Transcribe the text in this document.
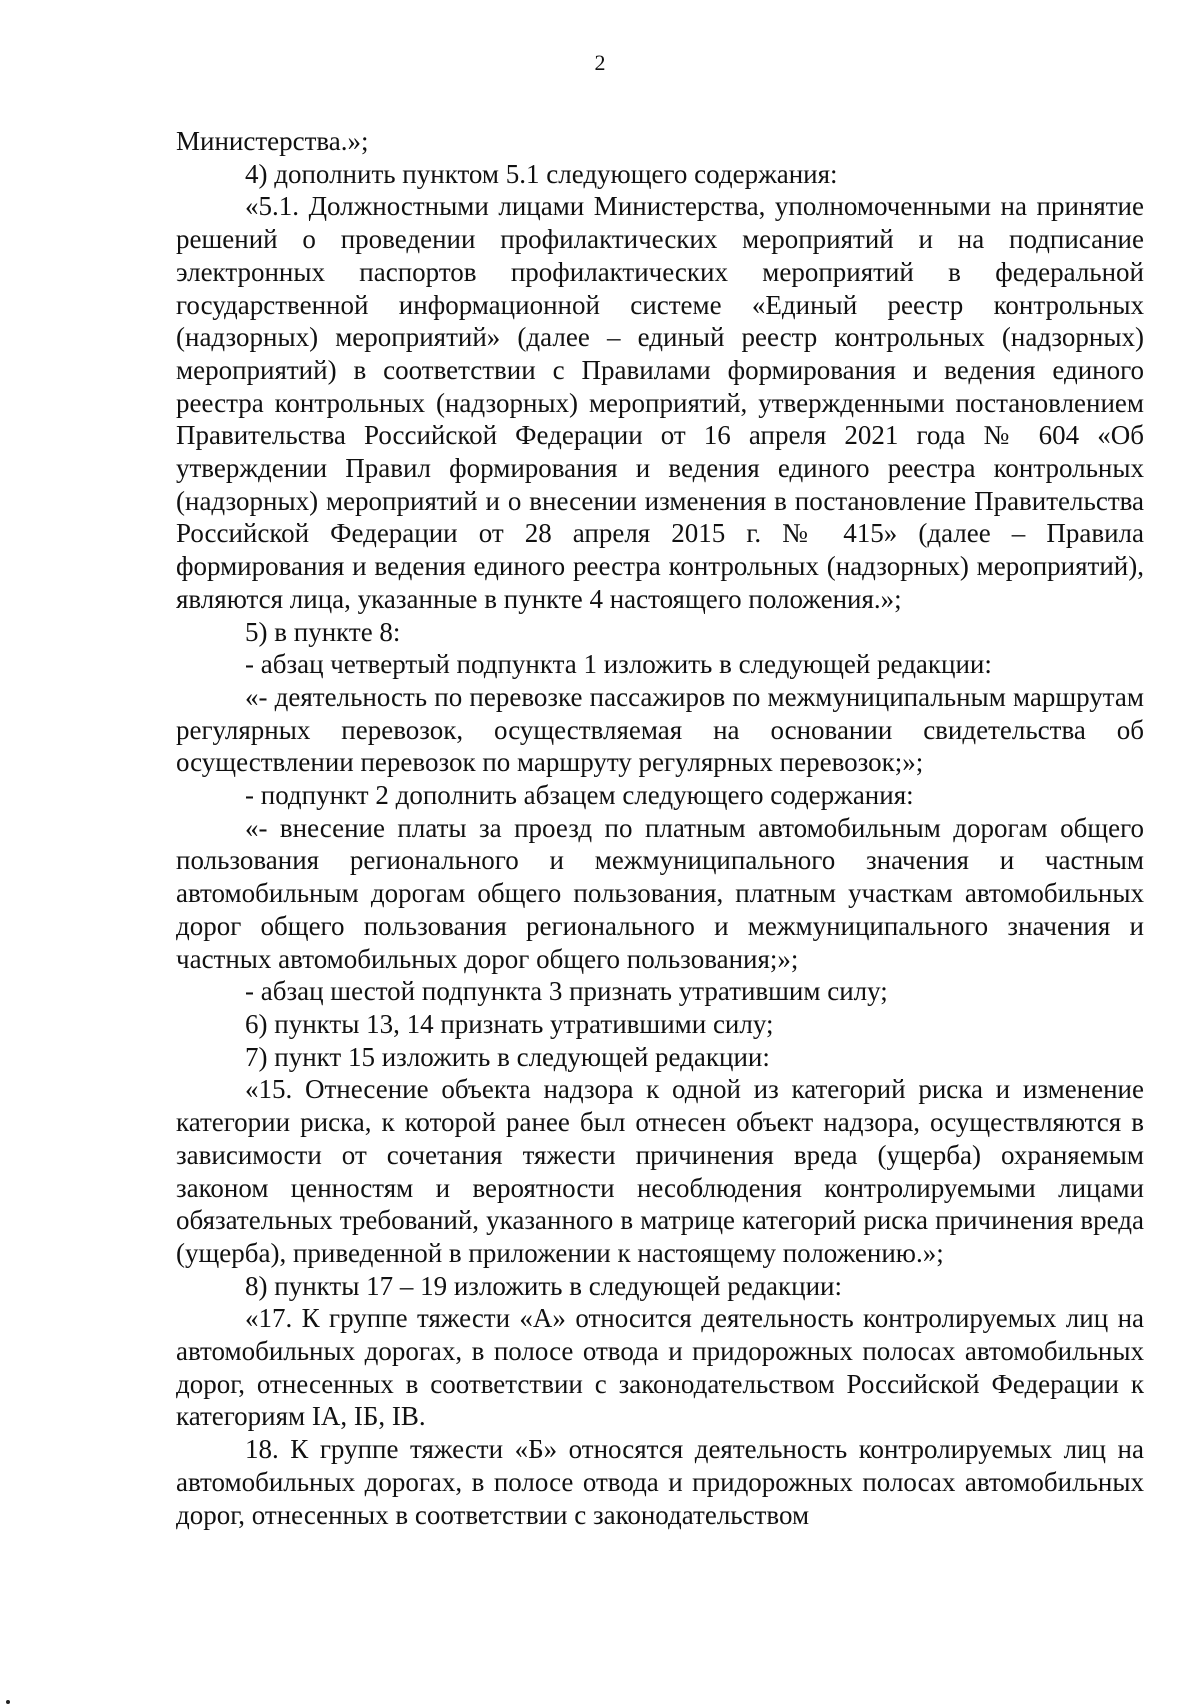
2

Министерства.»;

4) дополнить пунктом 5.1 следующего содержания:

«5.1. Должностными лицами Министерства, уполномоченными на принятие решений о проведении профилактических мероприятий и на подписание электронных паспортов профилактических мероприятий в федеральной государственной информационной системе «Единый реестр контрольных (надзорных) мероприятий» (далее – единый реестр контрольных (надзорных) мероприятий) в соответствии с Правилами формирования и ведения единого реестра контрольных (надзорных) мероприятий, утвержденными постановлением Правительства Российской Федерации от 16 апреля 2021 года № 604 «Об утверждении Правил формирования и ведения единого реестра контрольных (надзорных) мероприятий и о внесении изменения в постановление Правительства Российской Федерации от 28 апреля 2015 г. № 415» (далее – Правила формирования и ведения единого реестра контрольных (надзорных) мероприятий), являются лица, указанные в пункте 4 настоящего положения.»;

5) в пункте 8:

- абзац четвертый подпункта 1 изложить в следующей редакции:

«- деятельность по перевозке пассажиров по межмуниципальным маршрутам регулярных перевозок, осуществляемая на основании свидетельства об осуществлении перевозок по маршруту регулярных перевозок;»;

- подпункт 2 дополнить абзацем следующего содержания:

«- внесение платы за проезд по платным автомобильным дорогам общего пользования регионального и межмуниципального значения и частным автомобильным дорогам общего пользования, платным участкам автомобильных дорог общего пользования регионального и межмуниципального значения и частных автомобильных дорог общего пользования;»;

- абзац шестой подпункта 3 признать утратившим силу;

6) пункты 13, 14 признать утратившими силу;

7) пункт 15 изложить в следующей редакции:

«15. Отнесение объекта надзора к одной из категорий риска и изменение категории риска, к которой ранее был отнесен объект надзора, осуществляются в зависимости от сочетания тяжести причинения вреда (ущерба) охраняемым законом ценностям и вероятности несоблюдения контролируемыми лицами обязательных требований, указанного в матрице категорий риска причинения вреда (ущерба), приведенной в приложении к настоящему положению.»;

8) пункты 17 – 19 изложить в следующей редакции:

«17. К группе тяжести «А» относится деятельность контролируемых лиц на автомобильных дорогах, в полосе отвода и придорожных полосах автомобильных дорог, отнесенных в соответствии с законодательством Российской Федерации к категориям IА, IБ, IВ.

18. К группе тяжести «Б» относятся деятельность контролируемых лиц на автомобильных дорогах, в полосе отвода и придорожных полосах автомобильных дорог, отнесенных в соответствии с законодательством
